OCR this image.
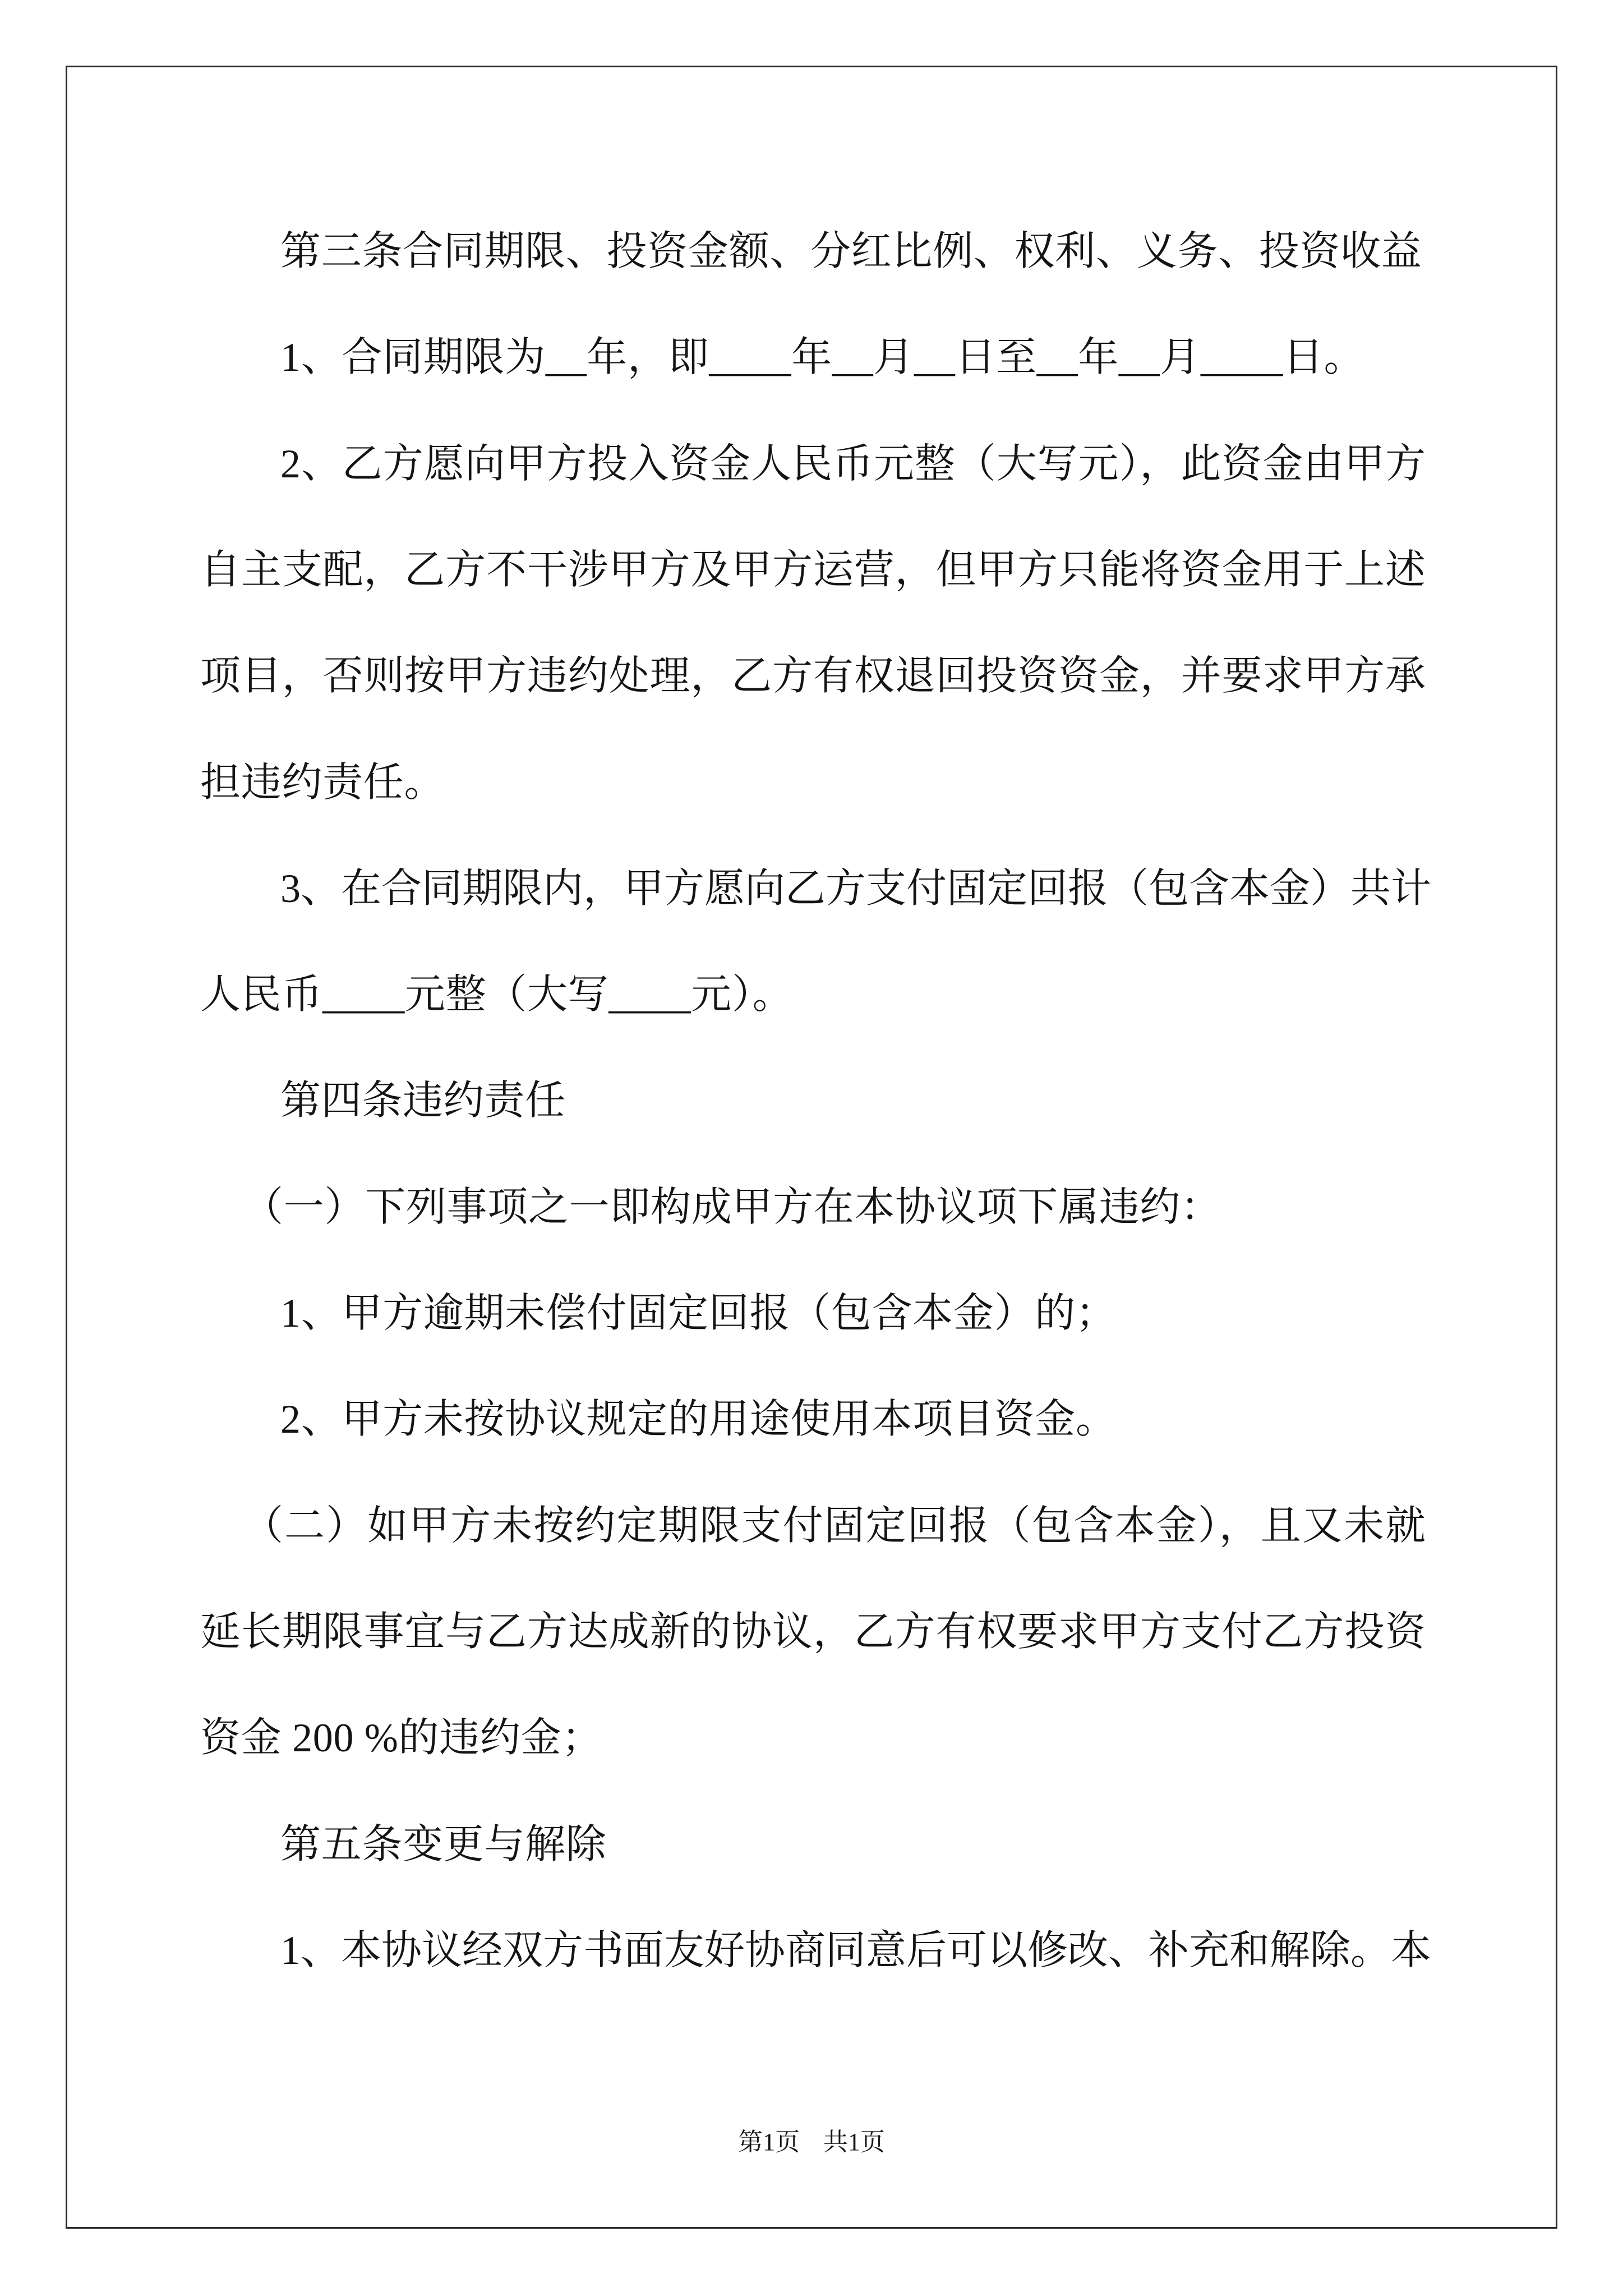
第三条合同期限、投资金额、分红比例、权利、义务、投资收益
1、合同期限为__年，即____年__月__日至__年__月____日。
2、乙方愿向甲方投入资金人民币元整（大写元），此资金由甲方
自主支配，乙方不干涉甲方及甲方运营，但甲方只能将资金用于上述
项目，否则按甲方违约处理，乙方有权退回投资资金，并要求甲方承
担违约责任。
3、在合同期限内，甲方愿向乙方支付固定回报（包含本金）共计
人民币____元整（大写____元）。
第四条违约责任
（一）下列事项之一即构成甲方在本协议项下属违约：
1、甲方逾期未偿付固定回报（包含本金）的；
2、甲方未按协议规定的用途使用本项目资金。
（二）如甲方未按约定期限支付固定回报（包含本金），且又未就
延长期限事宜与乙方达成新的协议，乙方有权要求甲方支付乙方投资
资金 200 %的违约金；
第五条变更与解除
1、本协议经双方书面友好协商同意后可以修改、补充和解除。本
第1页 共1页
